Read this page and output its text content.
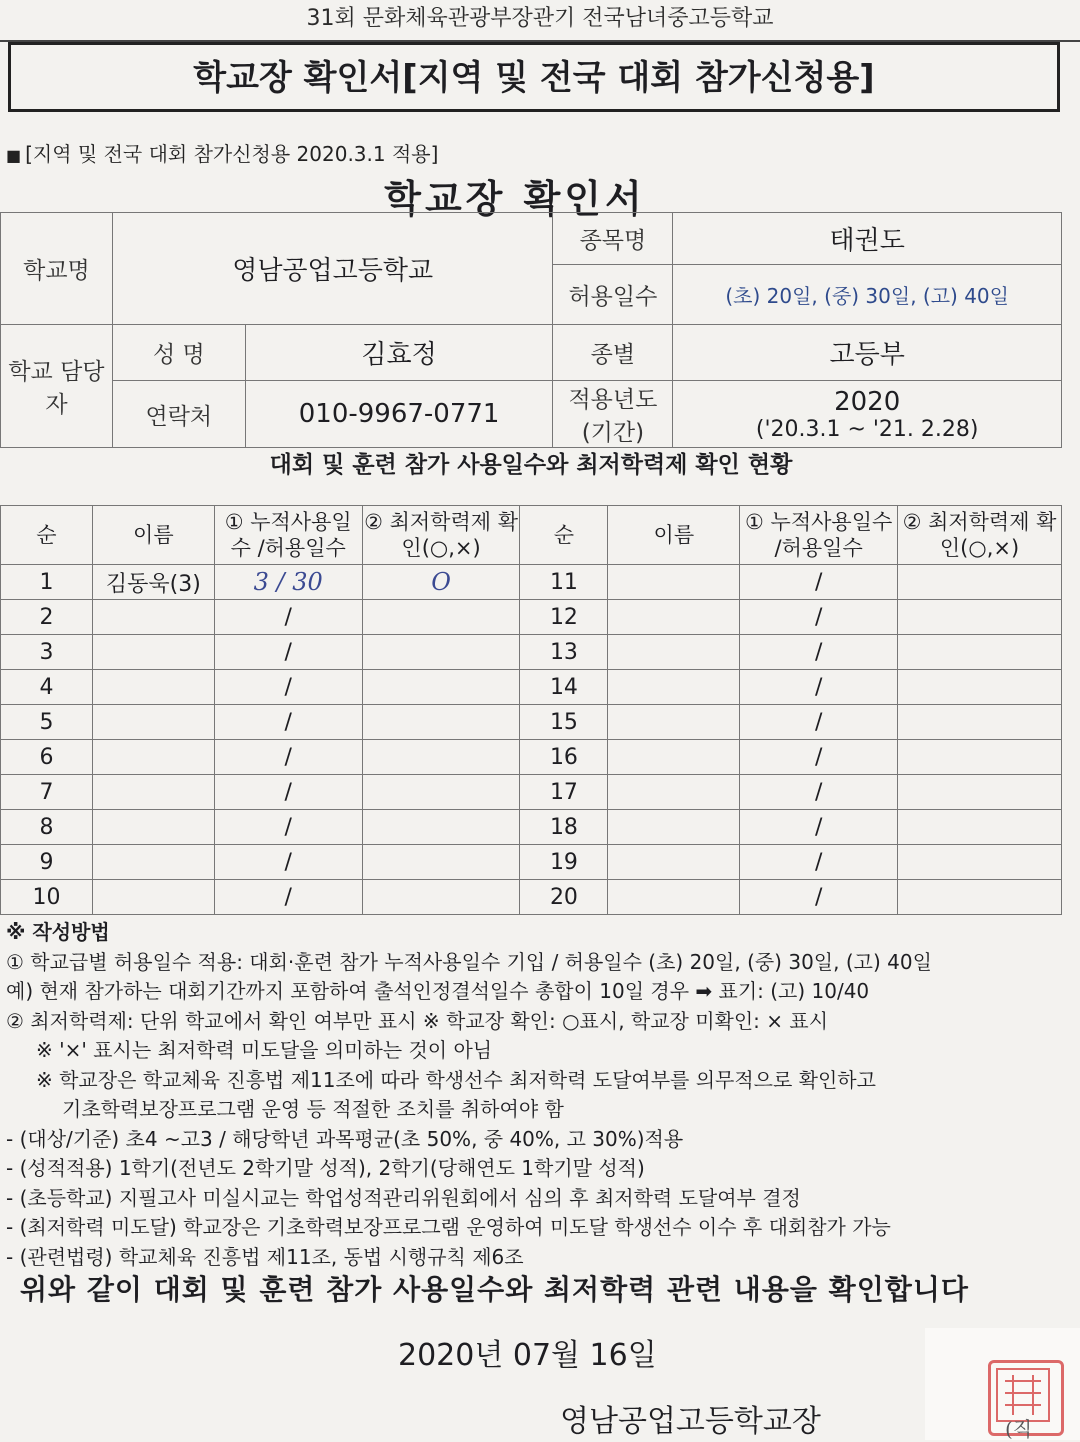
31회 문화체육관광부장관기 전국남녀중고등학교
학교장 확인서[지역 및 전국 대회 참가신청용]
■ [지역 및 전국 대회 참가신청용 2020.3.1 적용]
학교장 확인서
학교명	영남공업고등학교		종목명	태권도
			허용일수	(초) 20일, (중) 30일, (고) 40일
학교 담당자	성 명	김효정	종별	고등부
	연락처	010-9967-0771	적용년도 (기간)	2020
('20.3.1 ~ '21. 2.28)
대회 및 훈련 참가 사용일수와 최저학력제 확인 현황
순	이름	① 누적사용일수 /허용일수	② 최저학력제 확인(○,×)	순	이름	① 누적사용일수 /허용일수	② 최저학력제 확인(○,×)
1	김동욱(3)	3 / 30	O	11		/	
2		/		12		/	
3		/		13		/	
4		/		14		/	
5		/		15		/	
6		/		16		/	
7		/		17		/	
8		/		18		/	
9		/		19		/	
10		/		20		/	
※ 작성방법
① 학교급별 허용일수 적용: 대회·훈련 참가 누적사용일수 기입 / 허용일수 (초) 20일, (중) 30일, (고) 40일
예) 현재 참가하는 대회기간까지 포함하여 출석인정결석일수 총합이 10일 경우 ➡ 표기: (고) 10/40
② 최저학력제: 단위 학교에서 확인 여부만 표시 ※ 학교장 확인: ○표시, 학교장 미확인: × 표시
※ '×' 표시는 최저학력 미도달을 의미하는 것이 아님
※ 학교장은 학교체육 진흥법 제11조에 따라 학생선수 최저학력 도달여부를 의무적으로 확인하고
기초학력보장프로그램 운영 등 적절한 조치를 취하여야 함
- (대상/기준) 초4 ~고3 / 해당학년 과목평균(초 50%, 중 40%, 고 30%)적용
- (성적적용) 1학기(전년도 2학기말 성적), 2학기(당해연도 1학기말 성적)
- (초등학교) 지필고사 미실시교는 학업성적관리위원회에서 심의 후 최저학력 도달여부 결정
- (최저학력 미도달) 학교장은 기초학력보장프로그램 운영하여 미도달 학생선수 이수 후 대회참가 가능
- (관련법령) 학교체육 진흥법 제11조, 동법 시행규칙 제6조
위와 같이 대회 및 훈련 참가 사용일수와 최저학력 관련 내용을 확인합니다
2020년 07월 16일
영남공업고등학교장	(직
